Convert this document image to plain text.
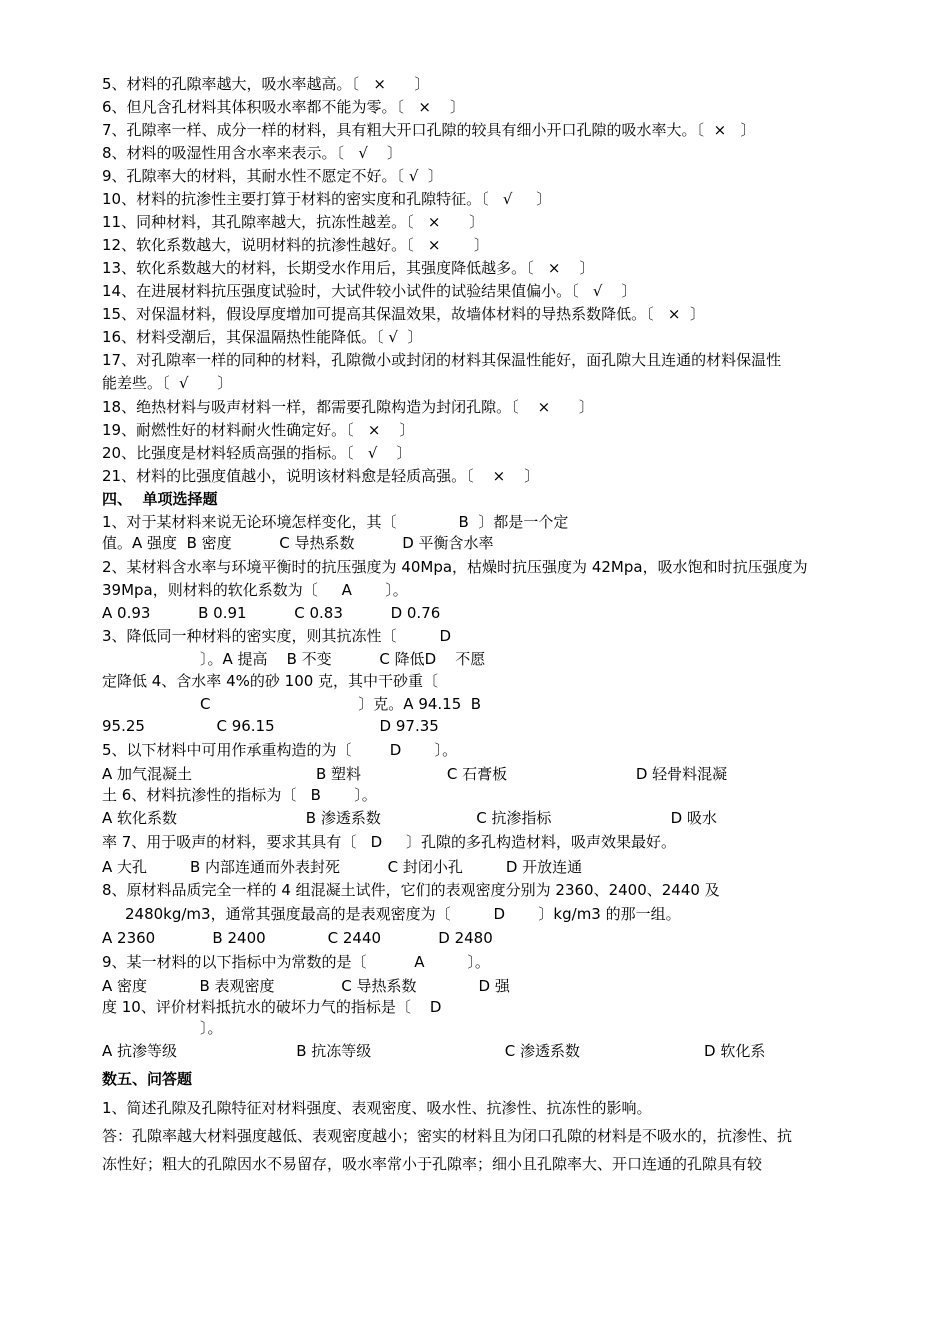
5、材料的孔隙率越大，吸水率越高。〔   ×      〕
6、但凡含孔材料其体积吸水率都不能为零。〔   ×    〕
7、孔隙率一样、成分一样的材料，具有粗大开口孔隙的较具有细小开口孔隙的吸水率大。〔  ×   〕
8、材料的吸湿性用含水率来表示。〔   √    〕
9、孔隙率大的材料，其耐水性不愿定不好。〔 √  〕
10、材料的抗渗性主要打算于材料的密实度和孔隙特征。〔   √     〕
11、同种材料，其孔隙率越大，抗冻性越差。〔   ×      〕
12、软化系数越大，说明材料的抗渗性越好。〔   ×       〕
13、软化系数越大的材料，长期受水作用后，其强度降低越多。〔   ×    〕
14、在进展材料抗压强度试验时，大试件较小试件的试验结果值偏小。〔   √    〕
15、对保温材料，假设厚度增加可提高其保温效果，故墙体材料的导热系数降低。〔   ×  〕
16、材料受潮后，其保温隔热性能降低。〔 √  〕
17、对孔隙率一样的同种的材料，孔隙微小或封闭的材料其保温性能好，面孔隙大且连通的材料保温性
能差些。〔  √      〕
18、绝热材料与吸声材料一样，都需要孔隙构造为封闭孔隙。〔    ×      〕
19、耐燃性好的材料耐火性确定好。〔   ×    〕
20、比强度是材料轻质高强的指标。〔   √    〕
21、材料的比强度值越小，说明该材料愈是轻质高强。〔    ×    〕
四、  单项选择题
1、对于某材料来说无论环境怎样变化，其〔             B  〕都是一个定
值。A 强度  B 密度          C 导热系数          D 平衡含水率
2、某材料含水率与环境平衡时的抗压强度为 40Mpa，枯燥时抗压强度为 42Mpa，吸水饱和时抗压强度为
39Mpa，则材料的软化系数为〔     A       〕。
A 0.93          B 0.91          C 0.83          D 0.76
3、降低同一种材料的密实度，则其抗冻性〔         D
〕。A 提高    B 不变          C 降低D    不愿
定降低 4、含水率 4%的砂 100 克，其中干砂重〔
C                               〕克。A 94.15  B
95.25               C 96.15                      D 97.35
5、以下材料中可用作承重构造的为〔        D       〕。
A 加气混凝土                          B 塑料                  C 石膏板                           D 轻骨料混凝
土 6、材料抗渗性的指标为〔   B       〕。
A 软化系数                           B 渗透系数                    C 抗渗指标                         D 吸水
率 7、用于吸声的材料，要求其具有〔   D     〕孔隙的多孔构造材料，吸声效果最好。
A 大孔         B 内部连通而外表封死          C 封闭小孔         D 开放连通
8、原材料品质完全一样的 4 组混凝土试件，它们的表观密度分别为 2360、2400、2440 及
2480kg/m3，通常其强度最高的是表观密度为〔         D       〕kg/m3 的那一组。
A 2360            B 2400             C 2440            D 2480
9、某一材料的以下指标中为常数的是〔          A         〕。
A 密度           B 表观密度              C 导热系数             D 强
度 10、评价材料抵抗水的破坏力气的指标是〔    D
〕。
A 抗渗等级                         B 抗冻等级                            C 渗透系数                          D 软化系
数五、问答题
1、简述孔隙及孔隙特征对材料强度、表观密度、吸水性、抗渗性、抗冻性的影响。
答：孔隙率越大材料强度越低、表观密度越小；密实的材料且为闭口孔隙的材料是不吸水的，抗渗性、抗
冻性好；粗大的孔隙因水不易留存，吸水率常小于孔隙率；细小且孔隙率大、开口连通的孔隙具有较
